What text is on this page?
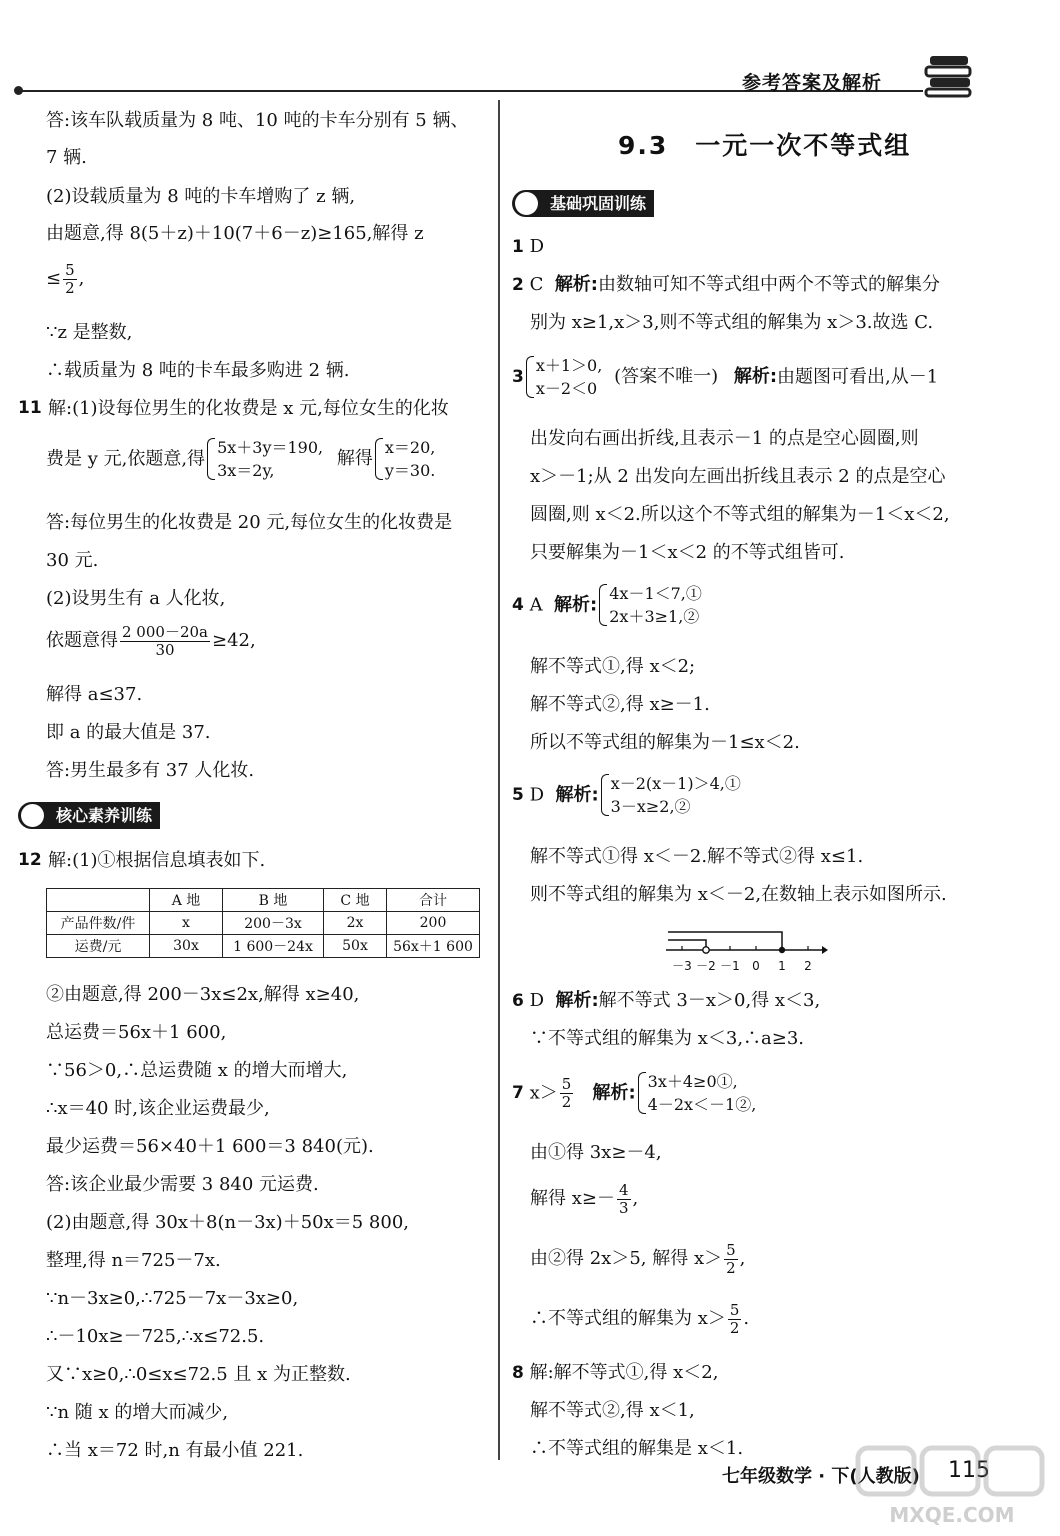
参考答案及解析
答:该车队载质量为 8 吨、10 吨的卡车分别有 5 辆、
7 辆.
(2)设载质量为 8 吨的卡车增购了 z 辆,
由题意,得 8(5＋z)＋10(7＋6－z)≥165,解得 z
≤ $\frac{5}{2}$ ,
∵z 是整数,
∴载质量为 8 吨的卡车最多购进 2 辆.
11 解:(1)设每位男生的化妆费是 x 元,每位女生的化妆
费是 y 元,依题意,得
5x＋3y＝190,
3x＝2y,
解得
x＝20,
y＝30.
答:每位男生的化妆费是 20 元,每位女生的化妆费是
30 元.
(2)设男生有 a 人化妆,
依题意得 $\frac{2 000-20a}{30} \ge 42$,
解得 a≤37.
即 a 的最大值是 37.
答:男生最多有 37 人化妆.
核心素养训练
12 解:(1)①根据信息填表如下.
	A 地	B 地	C 地	合计
产品件数/件	x	200－3x	2x	200
运费/元	30x	1 600－24x	50x	56x＋1 600
②由题意,得 200－3x≤2x,解得 x≥40,
总运费＝56x＋1 600,
∵56＞0,∴总运费随 x 的增大而增大,
∴x＝40 时,该企业运费最少,
最少运费＝56×40＋1 600＝3 840(元).
答:该企业最少需要 3 840 元运费.
(2)由题意,得 30x＋8(n－3x)＋50x＝5 800,
整理,得 n＝725－7x.
∵n－3x≥0,∴725－7x－3x≥0,
∴－10x≥－725,∴x≤72.5.
又∵x≥0,∴0≤x≤72.5 且 x 为正整数.
∵n 随 x 的增大而减少,
∴当 x＝72 时,n 有最小值 221.
9.3　一元一次不等式组
基础巩固训练
1 D
2 C 解析:由数轴可知不等式组中两个不等式的解集分
别为 x≥1,x＞3,则不等式组的解集为 x＞3.故选 C.
3
x＋1＞0,
x－2＜0
(答案不唯一) 解析:由题图可看出,从－1
出发向右画出折线,且表示－1 的点是空心圆圈,则
x＞－1;从 2 出发向左画出折线且表示 2 的点是空心
圆圈,则 x＜2.所以这个不等式组的解集为－1＜x＜2,
只要解集为－1＜x＜2 的不等式组皆可.
4 A 解析:
4x－1＜7,①
2x＋3≥1,②
解不等式①,得 x＜2;
解不等式②,得 x≥－1.
所以不等式组的解集为－1≤x＜2.
5 D 解析:
x－2(x－1)＞4,①
3－x≥2,②
解不等式①得 x＜－2.解不等式②得 x≤1.
则不等式组的解集为 x＜－2,在数轴上表示如图所示.
－3 －2 －1 0 1 2
6 D 解析:解不等式 3－x＞0,得 x＜3,
∵不等式组的解集为 x＜3,∴a≥3.
7 $x> \frac{5}{2}$ 解析:
3x＋4≥0①,
4－2x＜－1②,
由①得 3x≥－4,
解得 $x\ge- \frac{4}{3}$ ,
由②得 2x＞5, 解得 $x> \frac{5}{2}$ ,
∴不等式组的解集为 $x> \frac{5}{2}$ .
8 解:解不等式①,得 x＜2,
解不等式②,得 x＜1,
∴不等式组的解集是 x＜1.
七年级数学 · 下(人教版) 115
MXQE.COM
